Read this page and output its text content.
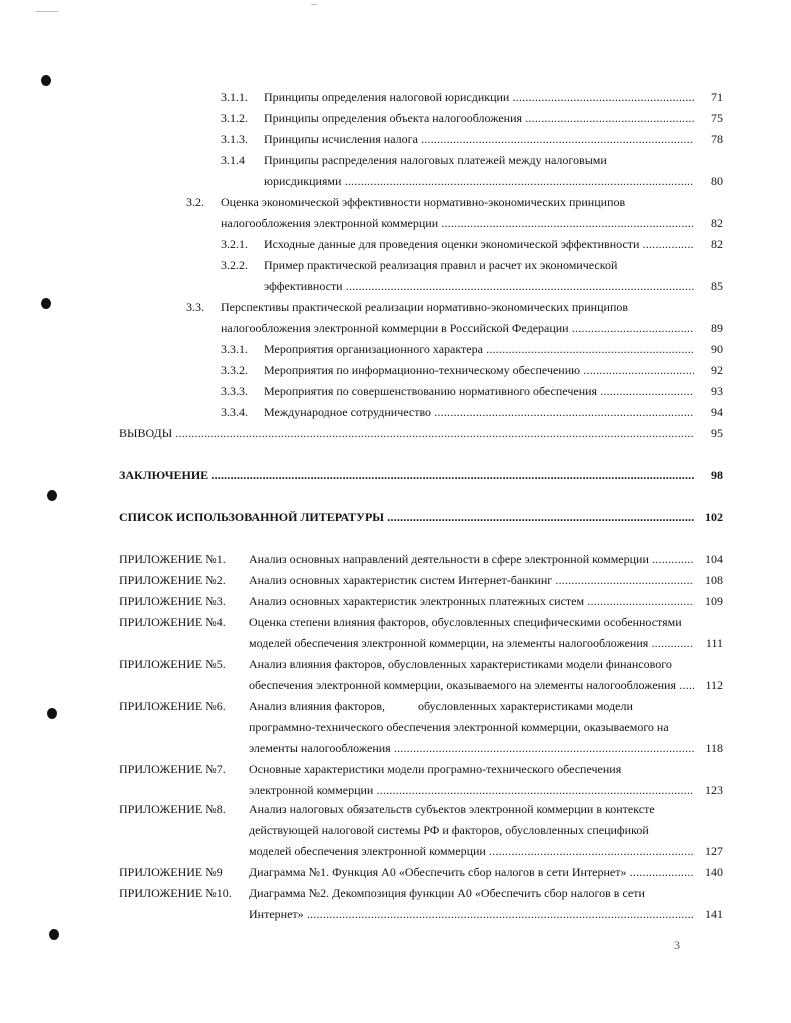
3.1.1. Принципы определения налоговой юрисдикции .....	71
3.1.2. Принципы определения объекта налогообложения .....	75
3.1.3. Принципы исчисления налога .....	78
3.1.4 Принципы распределения налоговых платежей между налоговыми
юрисдикциями .....	80
3.2. Оценка экономической эффективности нормативно-экономических принципов
налогообложения электронной коммерции .....	82
3.2.1. Исходные данные для проведения оценки экономической эффективности .....	82
3.2.2. Пример практической реализация правил и расчет их экономической
эффективности .....	85
3.3. Перспективы практической реализации нормативно-экономических принципов
налогообложения электронной коммерции в Российской Федерации .....	89
3.3.1. Мероприятия организационного характера .....	90
3.3.2. Мероприятия по информационно-техническому обеспечению .....	92
3.3.3. Мероприятия по совершенствованию нормативного обеспечения .....	93
3.3.4. Международное сотрудничество .....	94
ВЫВОДЫ .....	95
ЗАКЛЮЧЕНИЕ .....	98
СПИСОК ИСПОЛЬЗОВАННОЙ ЛИТЕРАТУРЫ .....	102
ПРИЛОЖЕНИЕ №1. Анализ основных направлений деятельности в сфере электронной коммерции .....	104
ПРИЛОЖЕНИЕ №2. Анализ основных характеристик систем Интернет-банкинг .....	108
ПРИЛОЖЕНИЕ №3. Анализ основных характеристик электронных платежных систем .....	109
ПРИЛОЖЕНИЕ №4. Оценка степени влияния факторов, обусловленных специфическими особенностями
моделей обеспечения электронной коммерции, на элементы налогообложения .....	111
ПРИЛОЖЕНИЕ №5. Анализ влияния факторов, обусловленных характеристиками модели финансового
обеспечения электронной коммерции, оказываемого на элементы налогообложения .....	112
ПРИЛОЖЕНИЕ №6. Анализ влияния факторов,           обусловленных характеристиками модели
программно-технического обеспечения электронной коммерции, оказываемого на
элементы налогообложения .....	118
ПРИЛОЖЕНИЕ №7. Основные характеристики модели програмно-технического обеспечения
электронной коммерции .....	123
ПРИЛОЖЕНИЕ №8. Анализ налоговых обязательств субъектов электронной коммерции в контексте
действующей налоговой системы РФ и факторов, обусловленных спецификой
моделей обеспечения электронной коммерции .....	127
ПРИЛОЖЕНИЕ №9 Диаграмма №1. Функция А0 «Обеспечить сбор налогов в сети Интернет» .....	140
ПРИЛОЖЕНИЕ №10. Диаграмма №2. Декомпозиция функции А0 «Обеспечить сбор налогов в сети
Интернет» .....	141
3
